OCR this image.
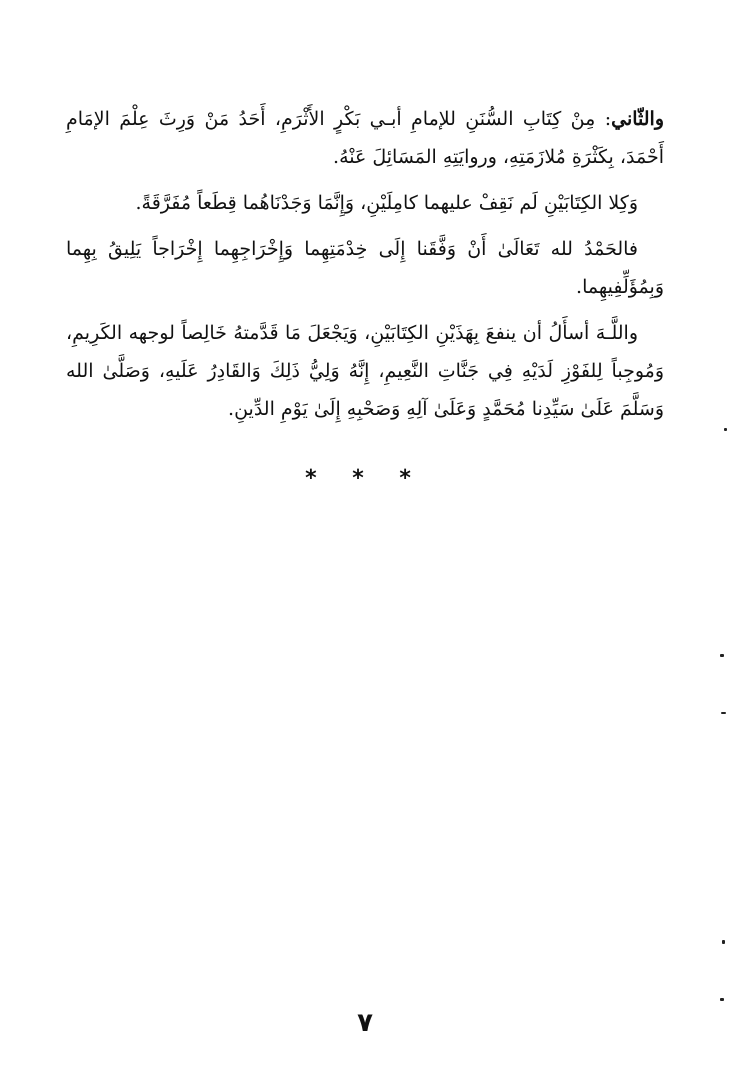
والثّاني: مِنْ كِتَابِ السُّنَنِ للإمامِ أبـي بَكْرٍ الأَثْرَمِ، أَحَدُ مَنْ وَرِثَ عِلْمَ الإمَامِ أَحْمَدَ، بِكَثْرَةِ مُلازَمَتِهِ، وروايَتِهِ المَسَائِلَ عَنْهُ.

وَكِلا الكِتَابَيْنِ لَم نَقِفْ عليهما كامِلَيْنِ، وَإِنَّمَا وَجَدْنَاهُما قِطَعاً مُفَرَّقَةً.

فالحَمْدُ لله تَعَالَىٰ أَنْ وَفَّقَنا إِلَى خِدْمَتِهِما وَإِخْرَاجِهِما إِخْرَاجاً يَلِيقُ بِهِما وَبِمُؤَلِّفِيهِما.

واللَّـهَ أسأَلُ أن ينفعَ بِهَذَيْنِ الكِتَابَيْنِ، وَيَجْعَلَ مَا قَدَّمتهُ خَالِصاً لوجهه الكَرِيمِ، وَمُوجِباً لِلفَوْزِ لَدَيْهِ فِي جَنَّاتِ النَّعِيمِ، إِنَّهُ وَلِيُّ ذَلِكَ وَالقَادِرُ عَلَيهِ، وَصَلَّىٰ الله وَسَلَّمَ عَلَىٰ سَيِّدِنا مُحَمَّدٍ وَعَلَىٰ آلِهِ وَصَحْبِهِ إِلَىٰ يَوْمِ الدِّينِ.

* * *
٧
